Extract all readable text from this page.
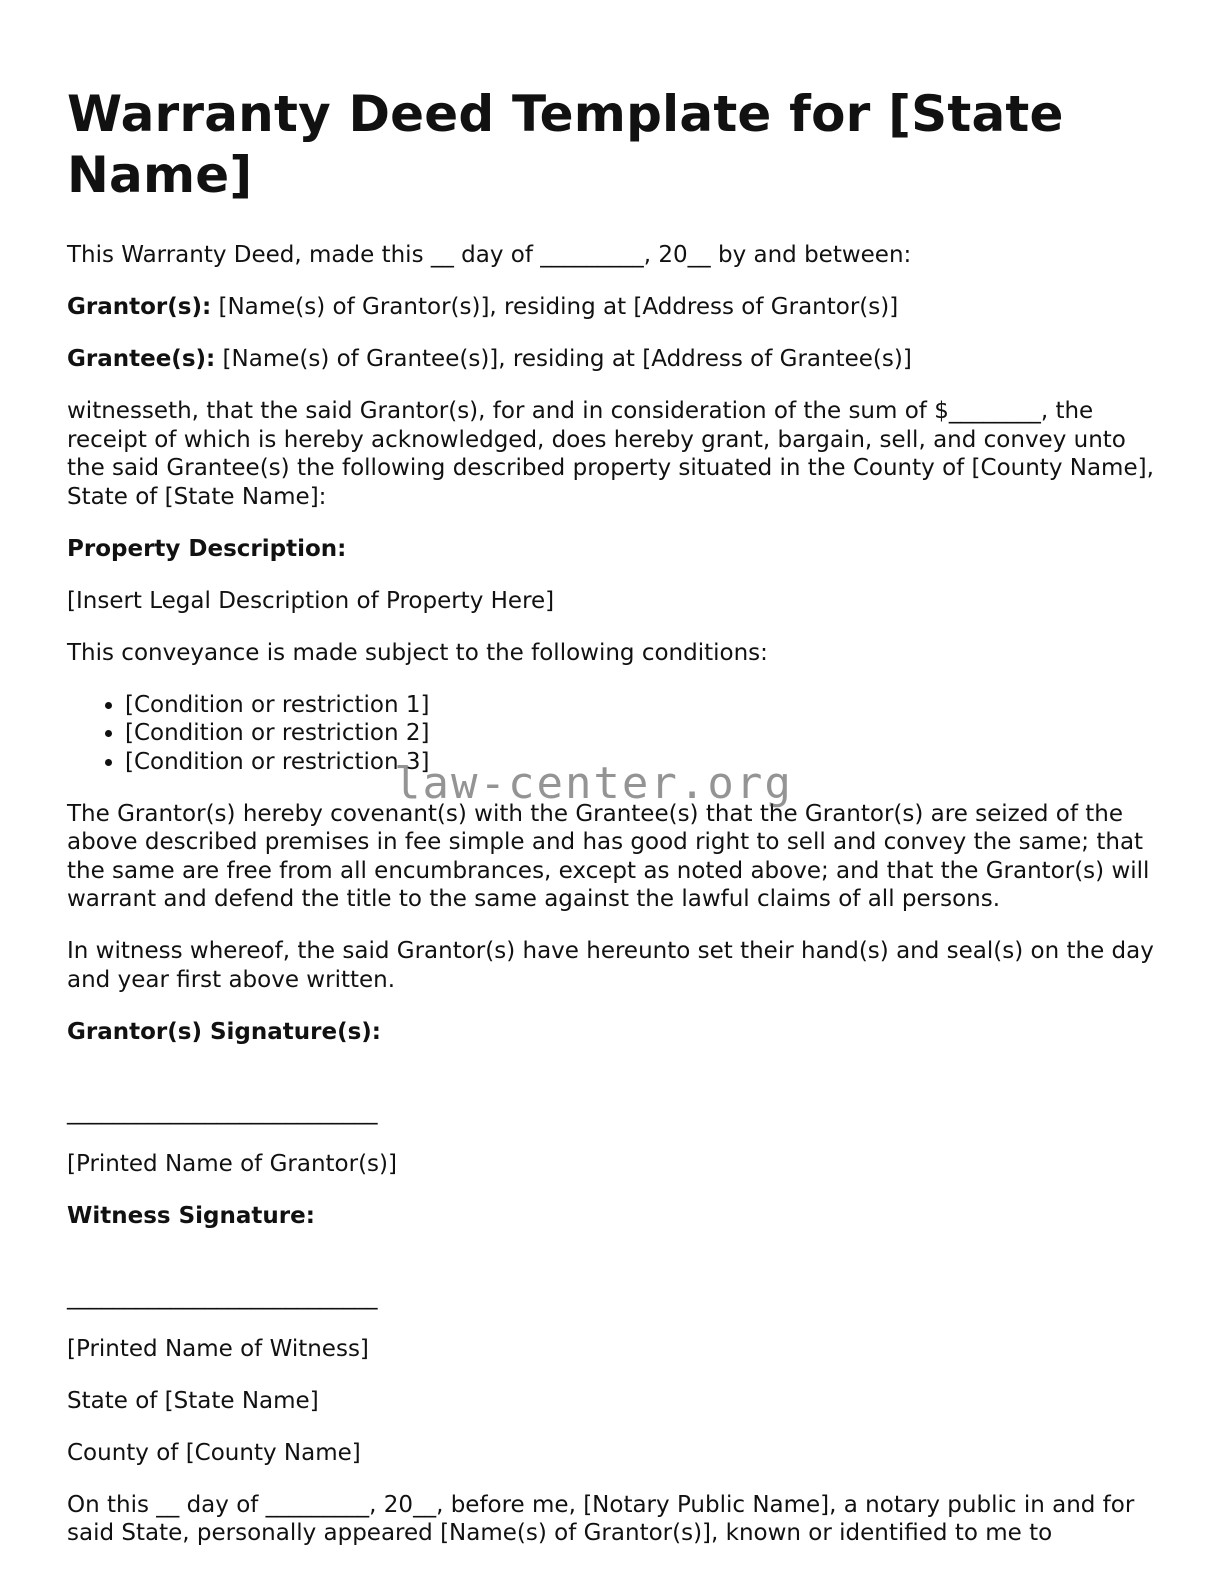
Warranty Deed Template for [State Name]

This Warranty Deed, made this __ day of _________, 20__ by and between:

Grantor(s): [Name(s) of Grantor(s)], residing at [Address of Grantor(s)]

Grantee(s): [Name(s) of Grantee(s)], residing at [Address of Grantee(s)]

witnesseth, that the said Grantor(s), for and in consideration of the sum of $________, the receipt of which is hereby acknowledged, does hereby grant, bargain, sell, and convey unto the said Grantee(s) the following described property situated in the County of [County Name], State of [State Name]:

Property Description:

[Insert Legal Description of Property Here]

This conveyance is made subject to the following conditions:

• [Condition or restriction 1]
• [Condition or restriction 2]
• [Condition or restriction 3]

The Grantor(s) hereby covenant(s) with the Grantee(s) that the Grantor(s) are seized of the above described premises in fee simple and has good right to sell and convey the same; that the same are free from all encumbrances, except as noted above; and that the Grantor(s) will warrant and defend the title to the same against the lawful claims of all persons.

In witness whereof, the said Grantor(s) have hereunto set their hand(s) and seal(s) on the day and year first above written.

Grantor(s) Signature(s):

___________________________

[Printed Name of Grantor(s)]

Witness Signature:

___________________________

[Printed Name of Witness]

State of [State Name]

County of [County Name]

On this __ day of _________, 20__, before me, [Notary Public Name], a notary public in and for said State, personally appeared [Name(s) of Grantor(s)], known or identified to me to

law-center.org
